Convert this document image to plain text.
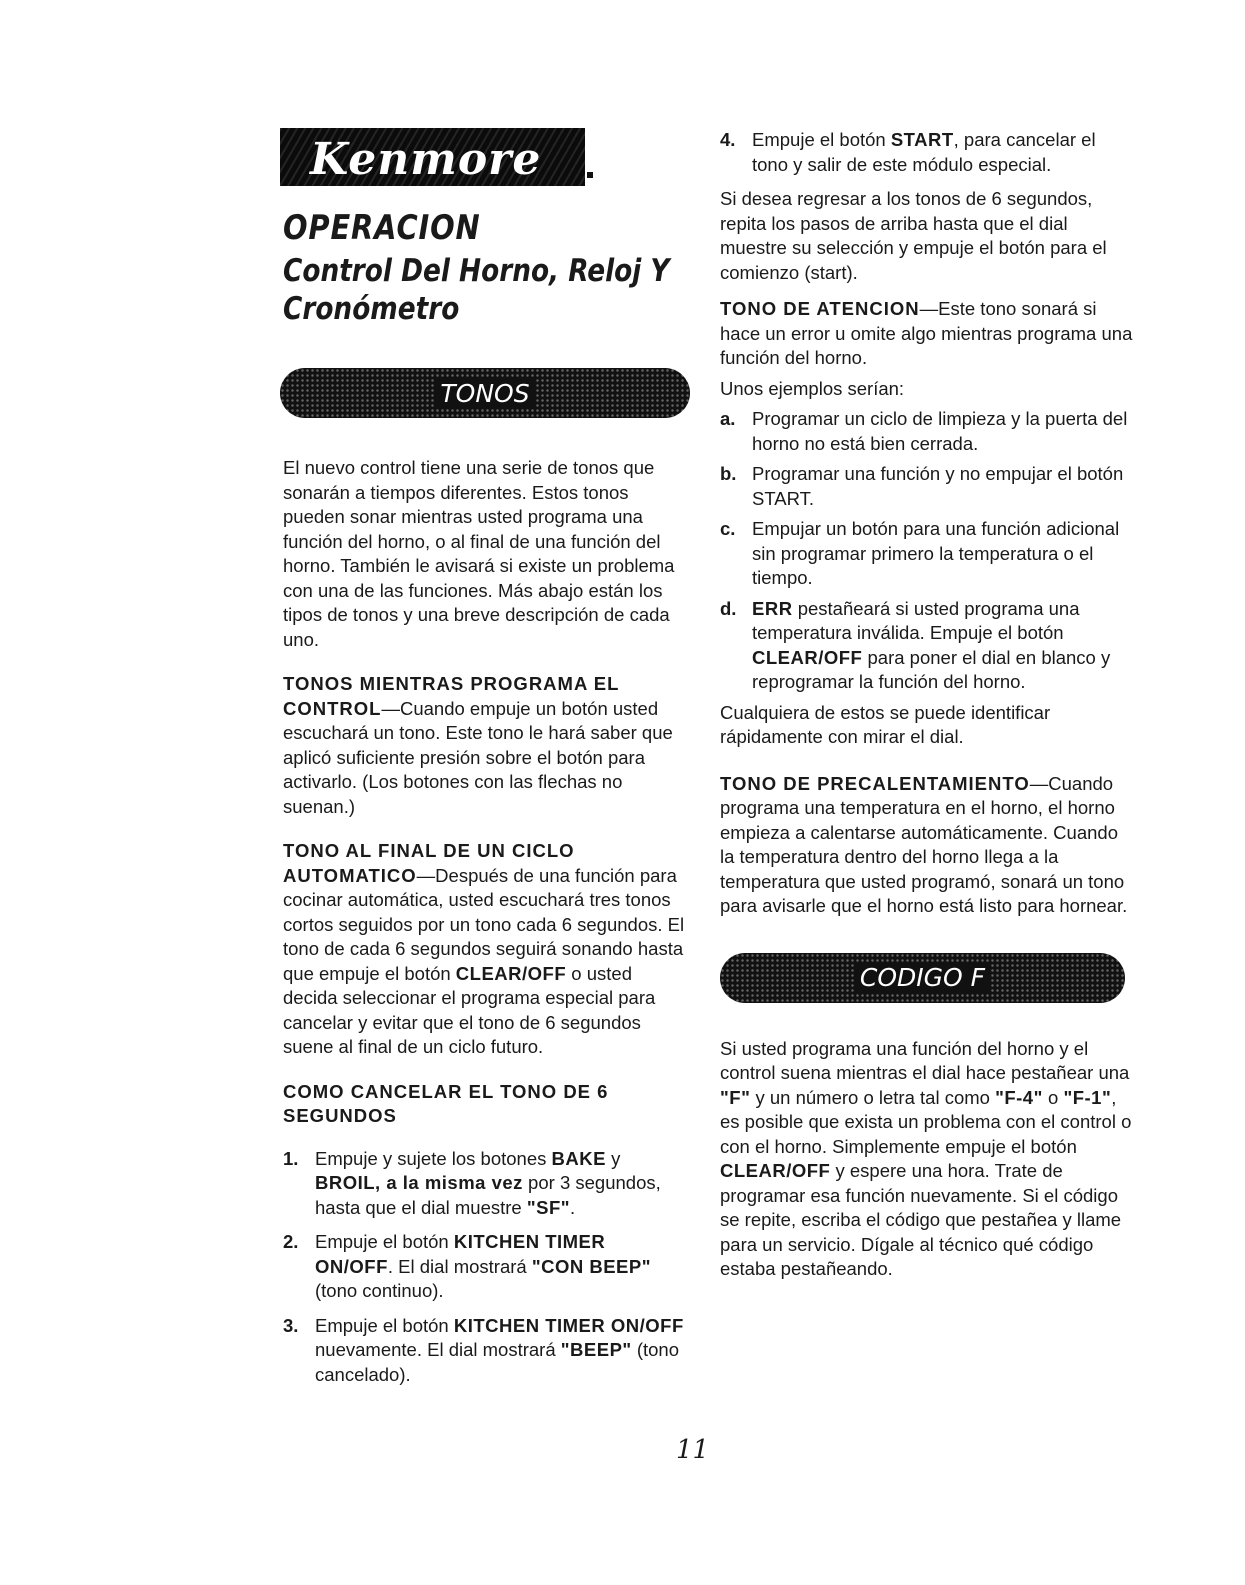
Kenmore
OPERACION
Control Del Horno, Reloj Y Cronómetro
TONOS

El nuevo control tiene una serie de tonos que sonarán a tiempos diferentes. Estos tonos pueden sonar mientras usted programa una función del horno, o al final de una función del horno. También le avisará si existe un problema con una de las funciones. Más abajo están los tipos de tonos y una breve descripción de cada uno.

TONOS MIENTRAS PROGRAMA EL CONTROL—Cuando empuje un botón usted escuchará un tono. Este tono le hará saber que aplicó suficiente presión sobre el botón para activarlo. (Los botones con las flechas no suenan.)

TONO AL FINAL DE UN CICLO AUTOMATICO—Después de una función para cocinar automática, usted escuchará tres tonos cortos seguidos por un tono cada 6 segundos. El tono de cada 6 segundos seguirá sonando hasta que empuje el botón CLEAR/OFF o usted decida seleccionar el programa especial para cancelar y evitar que el tono de 6 segundos suene al final de un ciclo futuro.

COMO CANCELAR EL TONO DE 6 SEGUNDOS

1. Empuje y sujete los botones BAKE y BROIL, a la misma vez por 3 segundos, hasta que el dial muestre "SF".
2. Empuje el botón KITCHEN TIMER ON/OFF. El dial mostrará "CON BEEP" (tono continuo).
3. Empuje el botón KITCHEN TIMER ON/OFF nuevamente. El dial mostrará "BEEP" (tono cancelado).
4. Empuje el botón START, para cancelar el tono y salir de este módulo especial.

Si desea regresar a los tonos de 6 segundos, repita los pasos de arriba hasta que el dial muestre su selección y empuje el botón para el comienzo (start).

TONO DE ATENCION—Este tono sonará si hace un error u omite algo mientras programa una función del horno.

Unos ejemplos serían:

a. Programar un ciclo de limpieza y la puerta del horno no está bien cerrada.
b. Programar una función y no empujar el botón START.
c. Empujar un botón para una función adicional sin programar primero la temperatura o el tiempo.
d. ERR pestañeará si usted programa una temperatura inválida. Empuje el botón CLEAR/OFF para poner el dial en blanco y reprogramar la función del horno.

Cualquiera de estos se puede identificar rápidamente con mirar el dial.

TONO DE PRECALENTAMIENTO—Cuando programa una temperatura en el horno, el horno empieza a calentarse automáticamente. Cuando la temperatura dentro del horno llega a la temperatura que usted programó, sonará un tono para avisarle que el horno está listo para hornear.

CODIGO F

Si usted programa una función del horno y el control suena mientras el dial hace pestañear una "F" y un número o letra tal como "F-4" o "F-1", es posible que exista un problema con el control o con el horno. Simplemente empuje el botón CLEAR/OFF y espere una hora. Trate de programar esa función nuevamente. Si el código se repite, escriba el código que pestañea y llame para un servicio. Dígale al técnico qué código estaba pestañeando.

11
